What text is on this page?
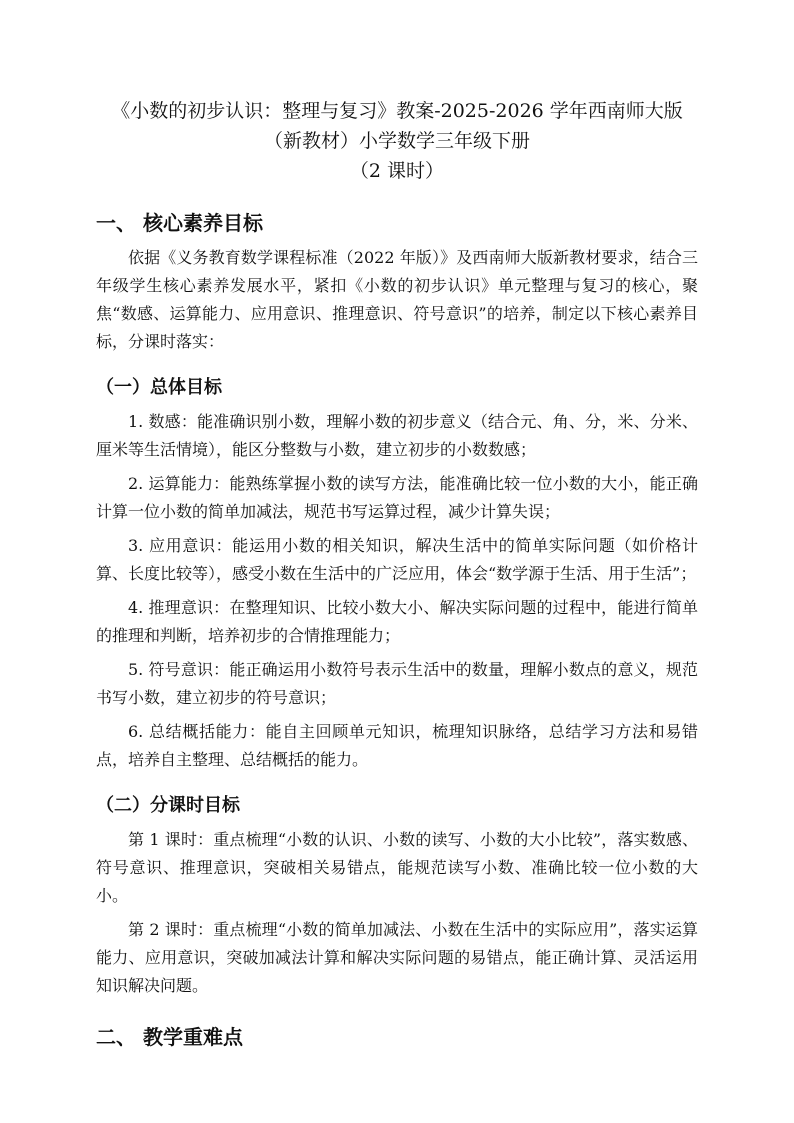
《小数的初步认识：整理与复习》教案-2025-2026 学年西南师大版（新教材）小学数学三年级下册

（2 课时）

一、 核心素养目标

依据《义务教育数学课程标准（2022 年版）》及西南师大版新教材要求，结合三年级学生核心素养发展水平，紧扣《小数的初步认识》单元整理与复习的核心，聚焦“数感、运算能力、应用意识、推理意识、符号意识”的培养，制定以下核心素养目标，分课时落实：

（一）总体目标

1. 数感：能准确识别小数，理解小数的初步意义（结合元、角、分，米、分米、厘米等生活情境），能区分整数与小数，建立初步的小数数感；

2. 运算能力：能熟练掌握小数的读写方法，能准确比较一位小数的大小，能正确计算一位小数的简单加减法，规范书写运算过程，减少计算失误；

3. 应用意识：能运用小数的相关知识，解决生活中的简单实际问题（如价格计算、长度比较等），感受小数在生活中的广泛应用，体会“数学源于生活、用于生活”；

4. 推理意识：在整理知识、比较小数大小、解决实际问题的过程中，能进行简单的推理和判断，培养初步的合情推理能力；

5. 符号意识：能正确运用小数符号表示生活中的数量，理解小数点的意义，规范书写小数，建立初步的符号意识；

6. 总结概括能力：能自主回顾单元知识，梳理知识脉络，总结学习方法和易错点，培养自主整理、总结概括的能力。

（二）分课时目标

第 1 课时：重点梳理“小数的认识、小数的读写、小数的大小比较”，落实数感、符号意识、推理意识，突破相关易错点，能规范读写小数、准确比较一位小数的大小。

第 2 课时：重点梳理“小数的简单加减法、小数在生活中的实际应用”，落实运算能力、应用意识，突破加减法计算和解决实际问题的易错点，能正确计算、灵活运用知识解决问题。

二、 教学重难点
